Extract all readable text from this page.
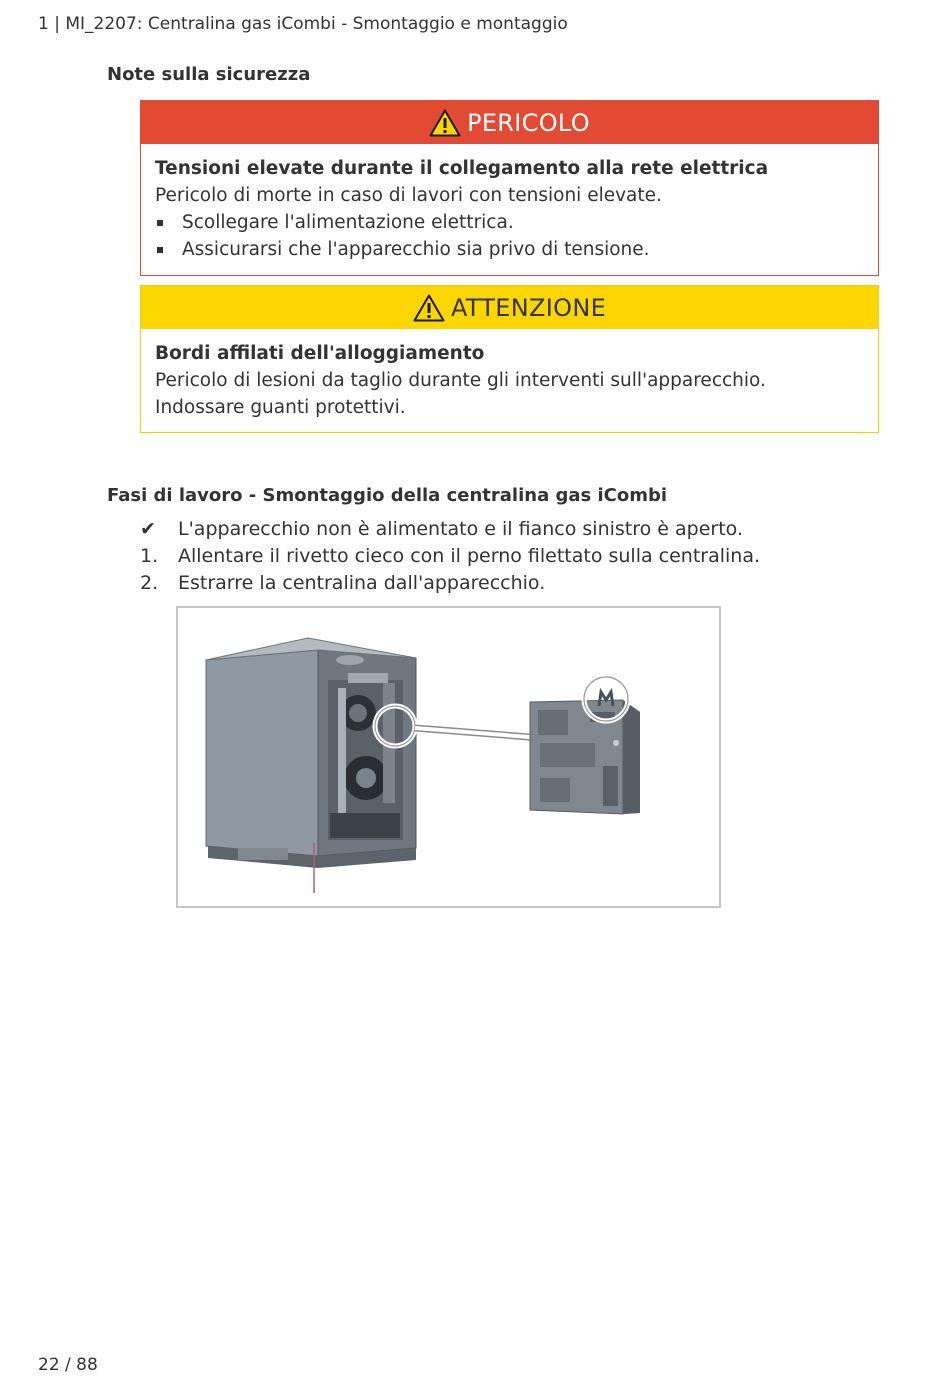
1 | MI_2207: Centralina gas iCombi - Smontaggio e montaggio
Note sulla sicurezza
PERICOLO
Tensioni elevate durante il collegamento alla rete elettrica
Pericolo di morte in caso di lavori con tensioni elevate.
Scollegare l'alimentazione elettrica.
Assicurarsi che l'apparecchio sia privo di tensione.
ATTENZIONE
Bordi affilati dell'alloggiamento
Pericolo di lesioni da taglio durante gli interventi sull'apparecchio.
Indossare guanti protettivi.
Fasi di lavoro - Smontaggio della centralina gas iCombi
✔	L'apparecchio non è alimentato e il fianco sinistro è aperto.
1.	Allentare il rivetto cieco con il perno filettato sulla centralina.
2.	Estrarre la centralina dall'apparecchio.
22 / 88
